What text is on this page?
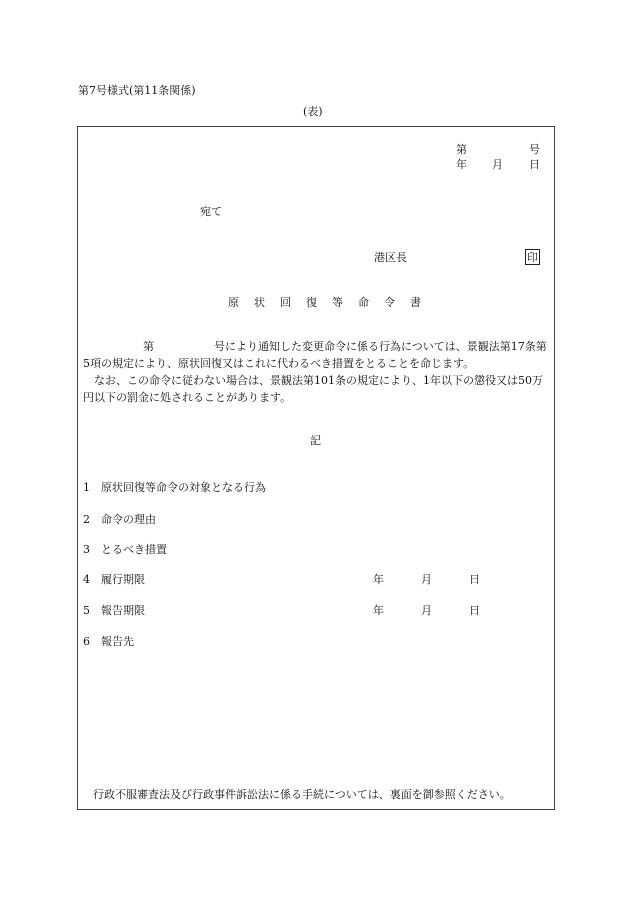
第7号様式(第11条関係)
(表)
第	号
年 月 日
宛て
港区長	印
原 状 回 復 等 命 令 書
第	号により通知した変更命令に係る行為については、景観法第17条第5項の規定により、原状回復又はこれに代わるべき措置をとることを命じます。
なお、この命令に従わない場合は、景観法第101条の規定により、1年以下の懲役又は50万円以下の罰金に処されることがあります。
記
1 原状回復等命令の対象となる行為
2 命令の理由
3 とるべき措置
4 履行期限	年	月	日
5 報告期限	年	月	日
6 報告先
行政不服審査法及び行政事件訴訟法に係る手続については、裏面を御参照ください。
